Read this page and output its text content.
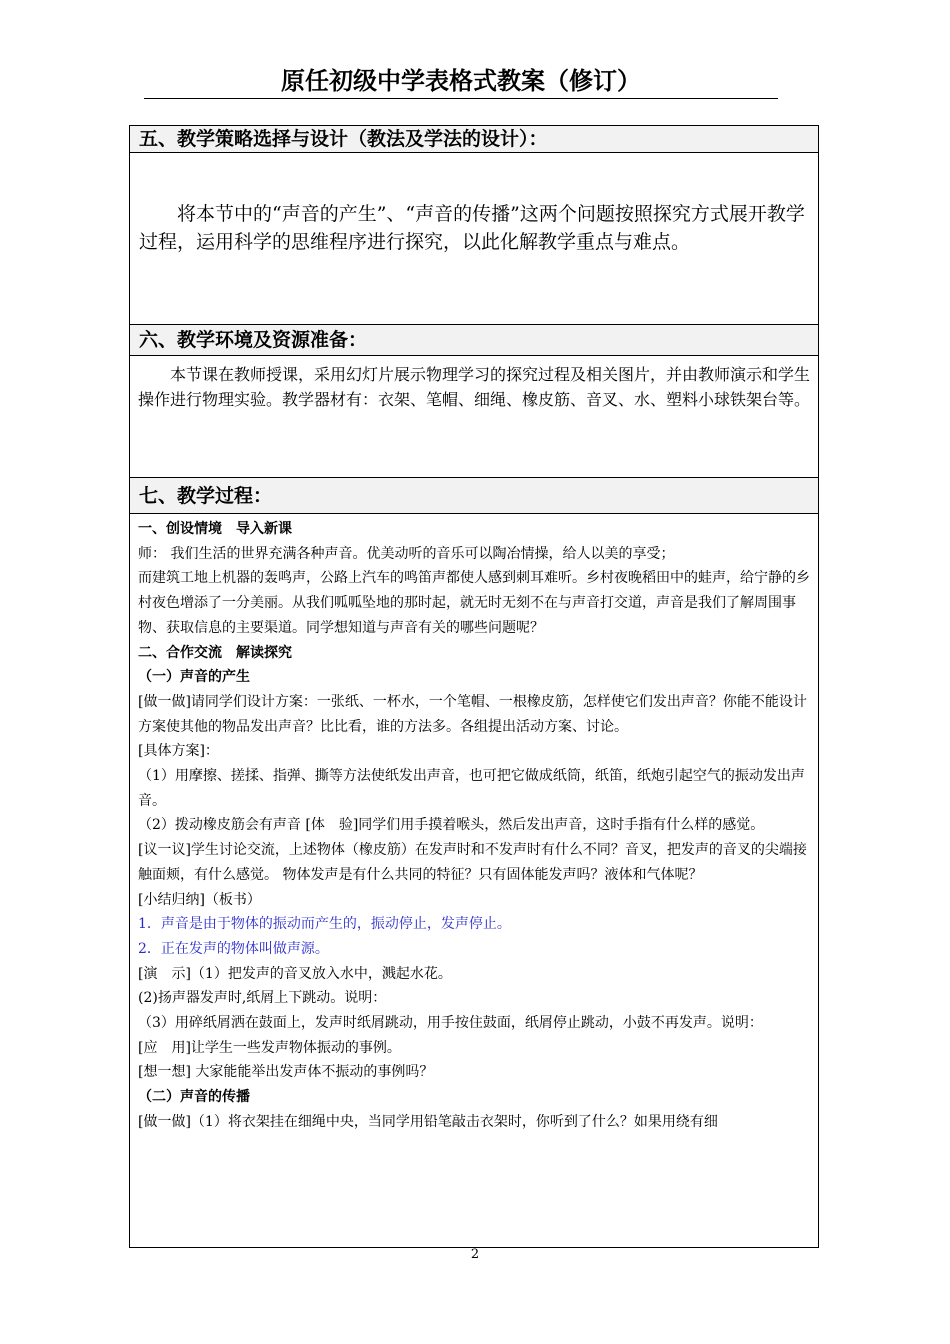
原任初级中学表格式教案（修订）
五、教学策略选择与设计（教法及学法的设计）：

将本节中的“声音的产生”、“声音的传播”这两个问题按照探究方式展开教学过程，运用科学的思维程序进行探究，以此化解教学重点与难点。

六、教学环境及资源准备：

本节课在教师授课，采用幻灯片展示物理学习的探究过程及相关图片，并由教师演示和学生操作进行物理实验。教学器材有：衣架、笔帽、细绳、橡皮筋、音叉、水、塑料小球铁架台等。

七、教学过程：

一、创设情境　导入新课

师： 我们生活的世界充满各种声音。优美动听的音乐可以陶冶情操，给人以美的享受；

而建筑工地上机器的轰鸣声，公路上汽车的鸣笛声都使人感到刺耳难听。乡村夜晚稻田中的蛙声，给宁静的乡村夜色增添了一分美丽。从我们呱呱坠地的那时起，就无时无刻不在与声音打交道，声音是我们了解周围事物、获取信息的主要渠道。同学想知道与声音有关的哪些问题呢？

二、合作交流　解读探究

（一）声音的产生

[做一做]请同学们设计方案：一张纸、一杯水，一个笔帽、一根橡皮筋，怎样使它们发出声音？你能不能设计方案使其他的物品发出声音？比比看，谁的方法多。各组提出活动方案、讨论。

[具体方案]：

（1）用摩擦、搓揉、指弹、撕等方法使纸发出声音，也可把它做成纸筒，纸笛，纸炮引起空气的振动发出声音。

（2）拨动橡皮筋会有声音 [体　验]同学们用手摸着喉头，然后发出声音，这时手指有什么样的感觉。

[议一议]学生讨论交流，上述物体（橡皮筋）在发声时和不发声时有什么不同？音叉，把发声的音叉的尖端接触面颊，有什么感觉。 物体发声是有什么共同的特征？只有固体能发声吗？液体和气体呢？

[小结归纳]（板书）

1．声音是由于物体的振动而产生的，振动停止，发声停止。

2．正在发声的物体叫做声源。

[演　示]（1）把发声的音叉放入水中，溅起水花。

(2)扬声器发声时,纸屑上下跳动。说明：

（3）用碎纸屑洒在鼓面上，发声时纸屑跳动，用手按住鼓面，纸屑停止跳动，小鼓不再发声。说明：

[应　用]让学生一些发声物体振动的事例。

[想一想] 大家能能举出发声体不振动的事例吗？

（二）声音的传播

[做一做]（1）将衣架挂在细绳中央，当同学用铅笔敲击衣架时，你听到了什么？如果用绕有细

2
